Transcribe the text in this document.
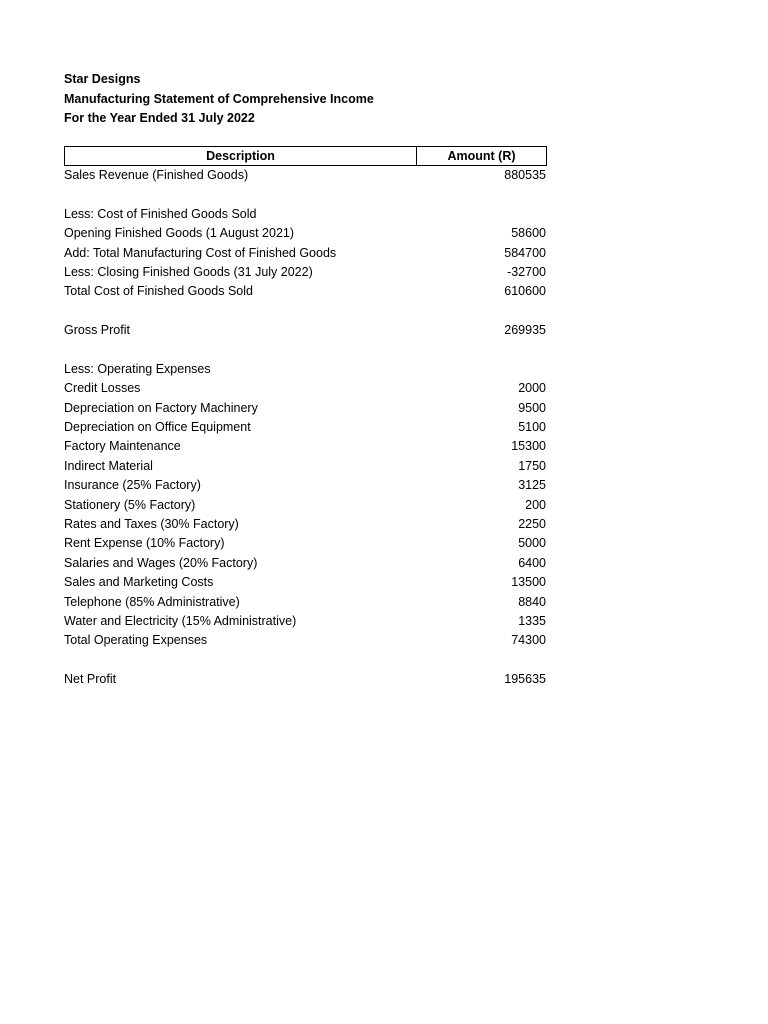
Star Designs
Manufacturing Statement of Comprehensive Income
For the Year Ended 31 July 2022
Description	Amount (R)
Sales Revenue (Finished Goods)	880535
Less: Cost of Finished Goods Sold
Opening Finished Goods (1 August 2021)	58600
Add: Total Manufacturing Cost of Finished Goods	584700
Less: Closing Finished Goods (31 July 2022)	-32700
Total Cost of Finished Goods Sold	610600
Gross Profit	269935
Less: Operating Expenses
Credit Losses	2000
Depreciation on Factory Machinery	9500
Depreciation on Office Equipment	5100
Factory Maintenance	15300
Indirect Material	1750
Insurance (25% Factory)	3125
Stationery (5% Factory)	200
Rates and Taxes (30% Factory)	2250
Rent Expense (10% Factory)	5000
Salaries and Wages (20% Factory)	6400
Sales and Marketing Costs	13500
Telephone (85% Administrative)	8840
Water and Electricity (15% Administrative)	1335
Total Operating Expenses	74300
Net Profit	195635
